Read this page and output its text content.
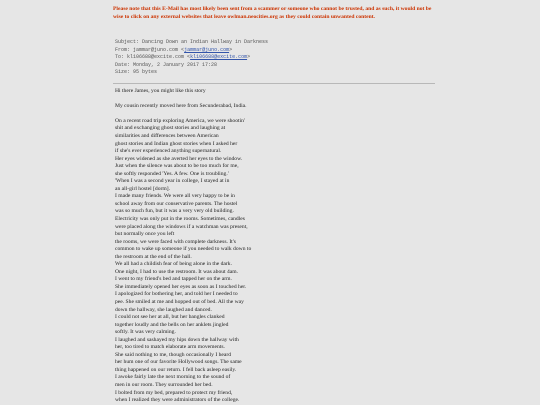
Please note that this E-Mail has most likely been sent from a scammer or someone who cannot be trusted, and as such, it would not be wise to click on any external websites that leave owlman.neocities.org as they could contain unwanted content.
Subject: Dancing Down an Indian Hallway in Darkness
From: jammar@juno.com <jammar@juno.com>
To: kl106688@excite.com <kl106688@excite.com>
Date: Monday, 2 January 2017 17:28
Size: 95 bytes
Hi there James, you might like this story
My cousin recently moved here from Secunderabad, India.
On a recent road trip exploring America, we were shootin'
shit and exchanging ghost stories and laughing at
similarities and differences between American
ghost stories and Indian ghost stories when I asked her
if she's ever experienced anything supernatural.
Her eyes widened as she averted her eyes to the window.
Just when the silence was about to be too much for me,
she softly responded 'Yes. A few. One is troubling.'
'When I was a second year in college, I stayed at in
an all-girl hostel [dorm].
I made many friends. We were all very happy to be in
school away from our conservative parents. The hostel
was so much fun, but it was a very very old building.
Electricity was only put in the rooms. Sometimes, candles
were placed along the windows if a watchman was present,
but normally once you left
the rooms, we were faced with complete darkness. It's
common to wake up someone if you needed to walk down to
the restroom at the end of the hall.
We all had a childish fear of being alone in the dark.
One night, I had to use the restroom. It was about 4am.
I went to my friend's bed and tapped her on the arm.
She immediately opened her eyes as soon as I touched her.
I apologized for bothering her, and told her I needed to
pee. She smiled at me and hopped out of bed. All the way
down the hallway, she laughed and danced.
I could not see her at all, but her bangles clanked
together loudly and the bells on her anklets jingled
softly. It was very calming.
I laughed and sashayed my hips down the hallway with
her, too tired to match elaborate arm movements.
She said nothing to me, though occasionally I heard
her hum one of our favorite Hollywood songs. The same
thing happened on our return. I fell back asleep easily.
I awoke fairly late the next morning to the sound of
men in our room. They surrounded her bed.
I bolted from my bed, prepared to protect my friend,
when I realized they were administrators of the college.
